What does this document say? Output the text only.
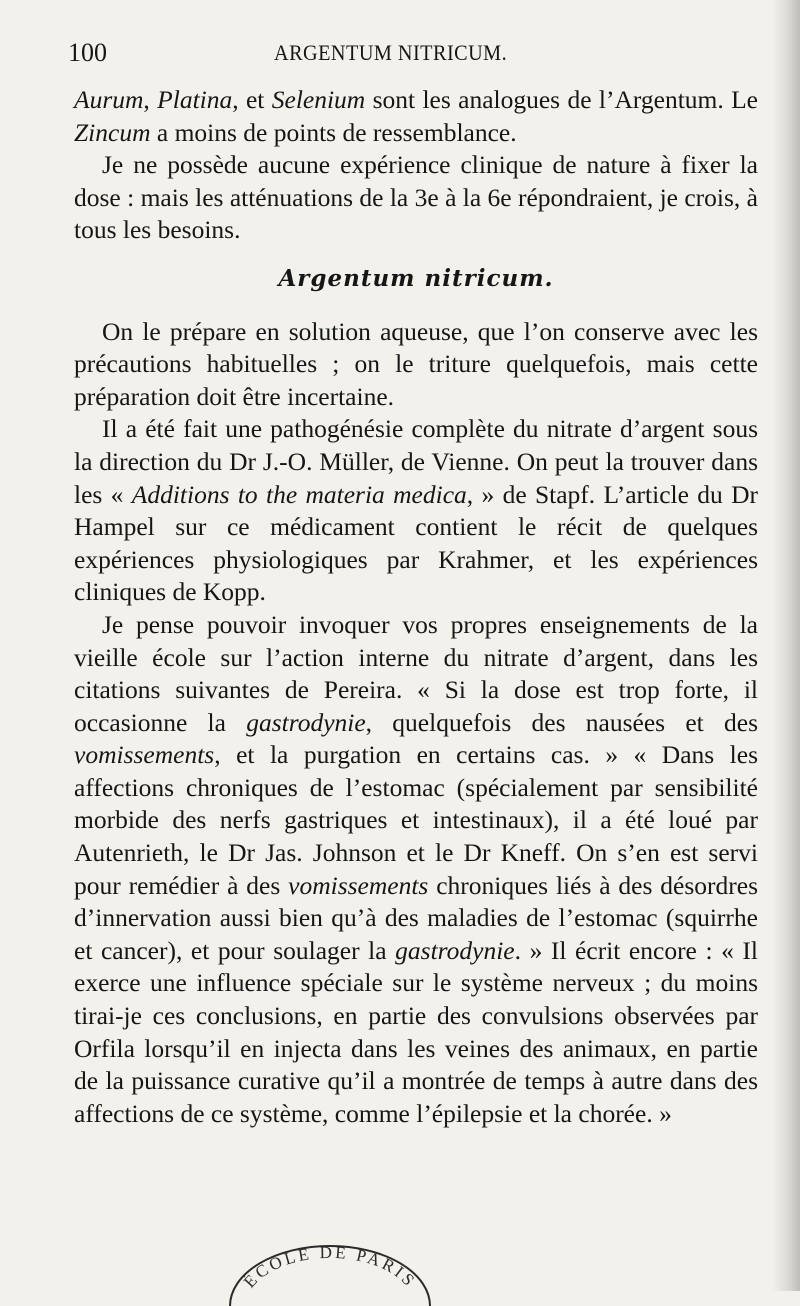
100	ARGENTUM NITRICUM.

Aurum, Platina, et Selenium sont les analogues de l’Argentum. Le Zincum a moins de points de ressemblance.

Je ne possède aucune expérience clinique de nature à fixer la dose : mais les atténuations de la 3e à la 6e répondraient, je crois, à tous les besoins.

Argentum nitricum.

On le prépare en solution aqueuse, que l’on conserve avec les précautions habituelles ; on le triture quelquefois, mais cette préparation doit être incertaine.

Il a été fait une pathogénésie complète du nitrate d’argent sous la direction du Dr J.-O. Müller, de Vienne. On peut la trouver dans les « Additions to the materia medica, » de Stapf. L’article du Dr Hampel sur ce médicament contient le récit de quelques expériences physiologiques par Krahmer, et les expériences cliniques de Kopp.

Je pense pouvoir invoquer vos propres enseignements de la vieille école sur l’action interne du nitrate d’argent, dans les citations suivantes de Pereira. « Si la dose est trop forte, il occasionne la gastrodynie, quelquefois des nausées et des vomissements, et la purgation en certains cas. » « Dans les affections chroniques de l’estomac (spécialement par sensibilité morbide des nerfs gastriques et intestinaux), il a été loué par Autenrieth, le Dr Jas. Johnson et le Dr Kneff. On s’en est servi pour remédier à des vomissements chroniques liés à des désordres d’innervation aussi bien qu’à des maladies de l’estomac (squirrhe et cancer), et pour soulager la gastrodynie. » Il écrit encore : « Il exerce une influence spéciale sur le système nerveux ; du moins tirai-je ces conclusions, en partie des convulsions observées par Orfila lorsqu’il en injecta dans les veines des animaux, en partie de la puissance curative qu’il a montrée de temps à autre dans des affections de ce système, comme l’épilepsie et la chorée. »

ÉCOLE DE PARIS
